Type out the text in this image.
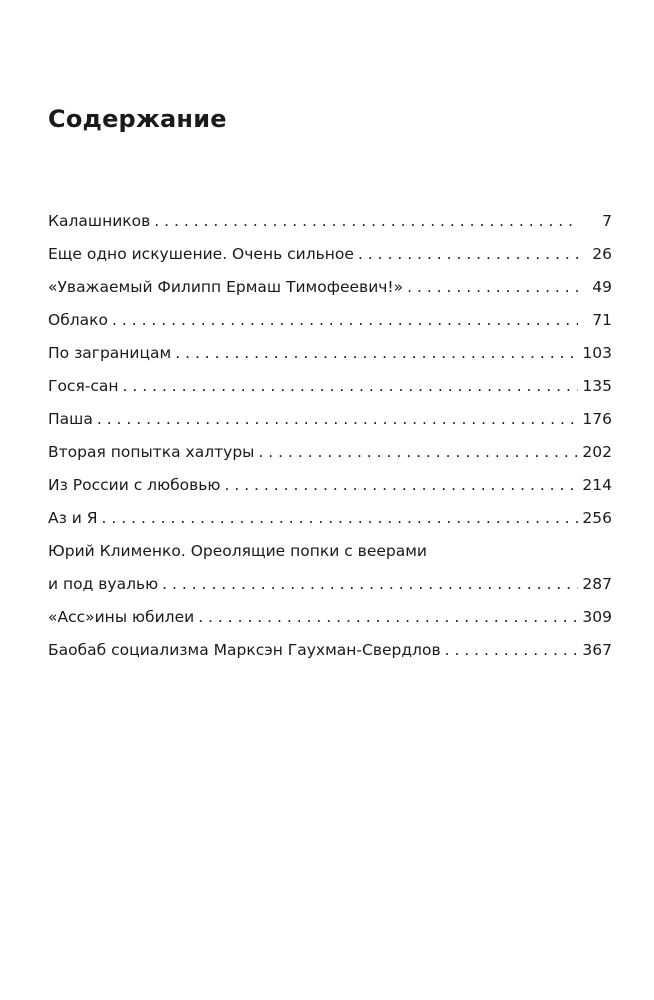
Содержание
Калашников . . .	7
Еще одно искушение. Очень сильное . . .	26
«Уважаемый Филипп Ермаш Тимофеевич!» . . .	49
Облако . . .	71
По заграницам . . .	103
Гося-сан . . .	135
Паша . . .	176
Вторая попытка халтуры . . .	202
Из России с любовью . . .	214
Аз и Я . . .	256
Юрий Клименко. Ореолящие попки с веерами
и под вуалью . . .	287
«Асс»ины юбилеи . . .	309
Баобаб социализма Марксэн Гаухман-Свердлов . . .	367
